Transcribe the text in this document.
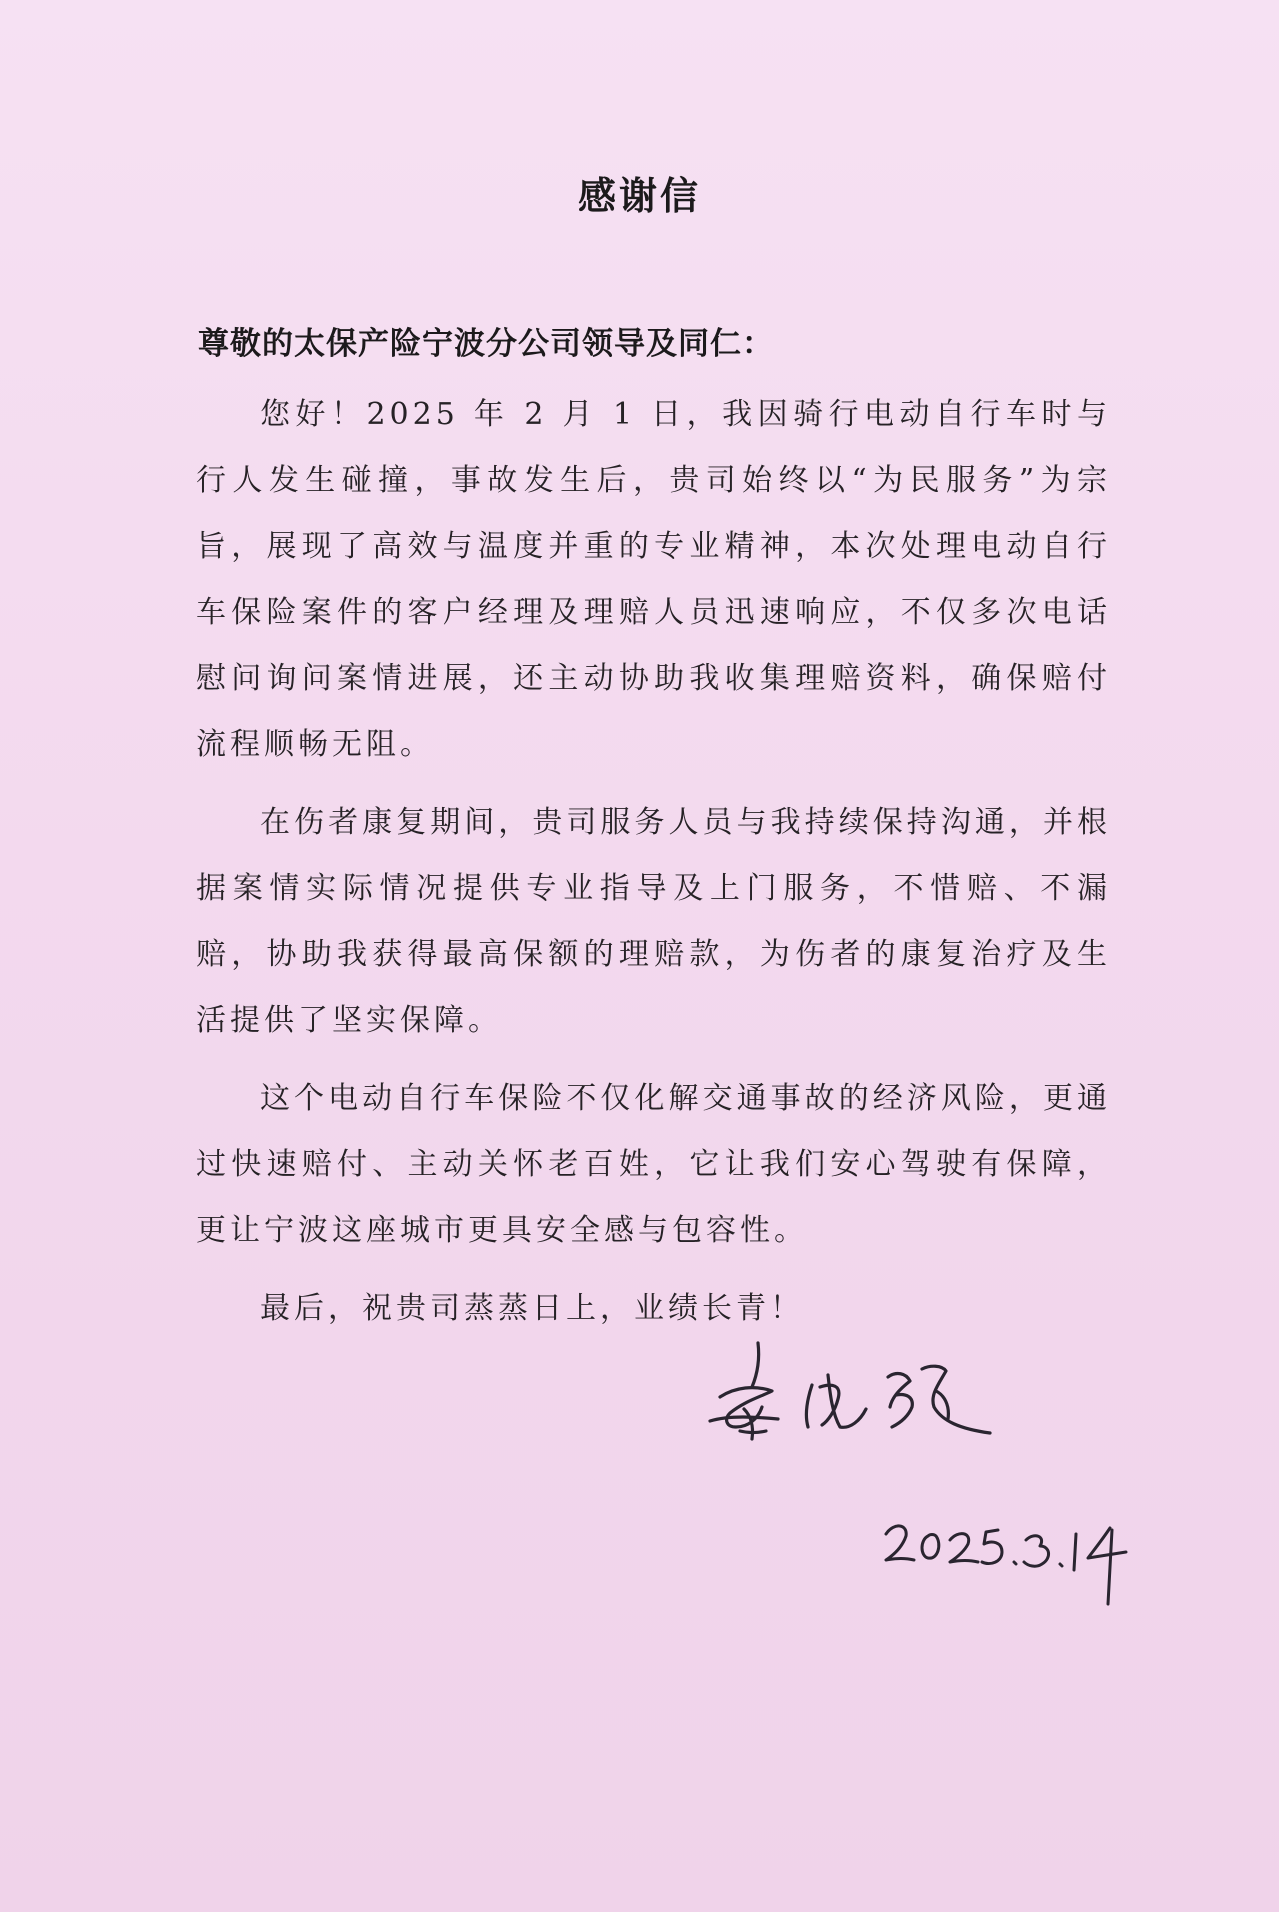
感谢信
尊敬的太保产险宁波分公司领导及同仁：

您好！2025 年 2 月 1 日，我因骑行电动自行车时与行人发生碰撞，事故发生后，贵司始终以“为民服务”为宗旨，展现了高效与温度并重的专业精神，本次处理电动自行车保险案件的客户经理及理赔人员迅速响应，不仅多次电话慰问询问案情进展，还主动协助我收集理赔资料，确保赔付流程顺畅无阻。

在伤者康复期间，贵司服务人员与我持续保持沟通，并根据案情实际情况提供专业指导及上门服务，不惜赔、不漏赔，协助我获得最高保额的理赔款，为伤者的康复治疗及生活提供了坚实保障。

这个电动自行车保险不仅化解交通事故的经济风险，更通过快速赔付、主动关怀老百姓，它让我们安心驾驶有保障，更让宁波这座城市更具安全感与包容性。

最后，祝贵司蒸蒸日上，业绩长青！
